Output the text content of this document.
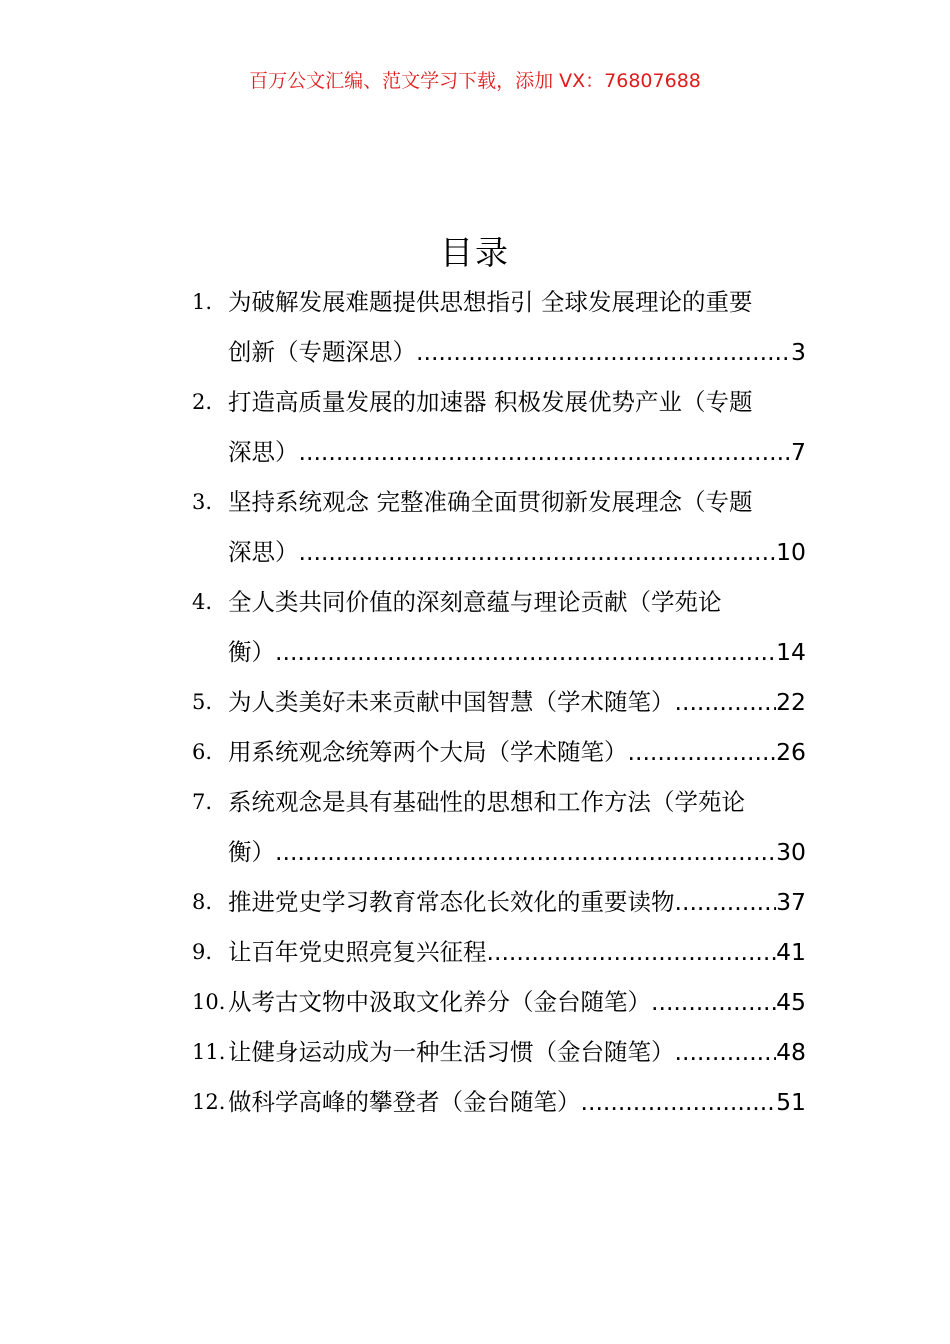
百万公文汇编、范文学习下载，添加 VX：76807688
目录
1. 为破解发展难题提供思想指引 全球发展理论的重要
创新（专题深思） .....	3
2. 打造高质量发展的加速器 积极发展优势产业（专题
深思） .....	7
3. 坚持系统观念 完整准确全面贯彻新发展理念（专题
深思） .....	10
4. 全人类共同价值的深刻意蕴与理论贡献（学苑论
衡） .....	14
5. 为人类美好未来贡献中国智慧（学术随笔） .....	22
6. 用系统观念统筹两个大局（学术随笔） .....	26
7. 系统观念是具有基础性的思想和工作方法（学苑论
衡） .....	30
8. 推进党史学习教育常态化长效化的重要读物 .....	37
9. 让百年党史照亮复兴征程 .....	41
10. 从考古文物中汲取文化养分（金台随笔） .....	45
11. 让健身运动成为一种生活习惯（金台随笔） .....	48
12. 做科学高峰的攀登者（金台随笔） .....	51
